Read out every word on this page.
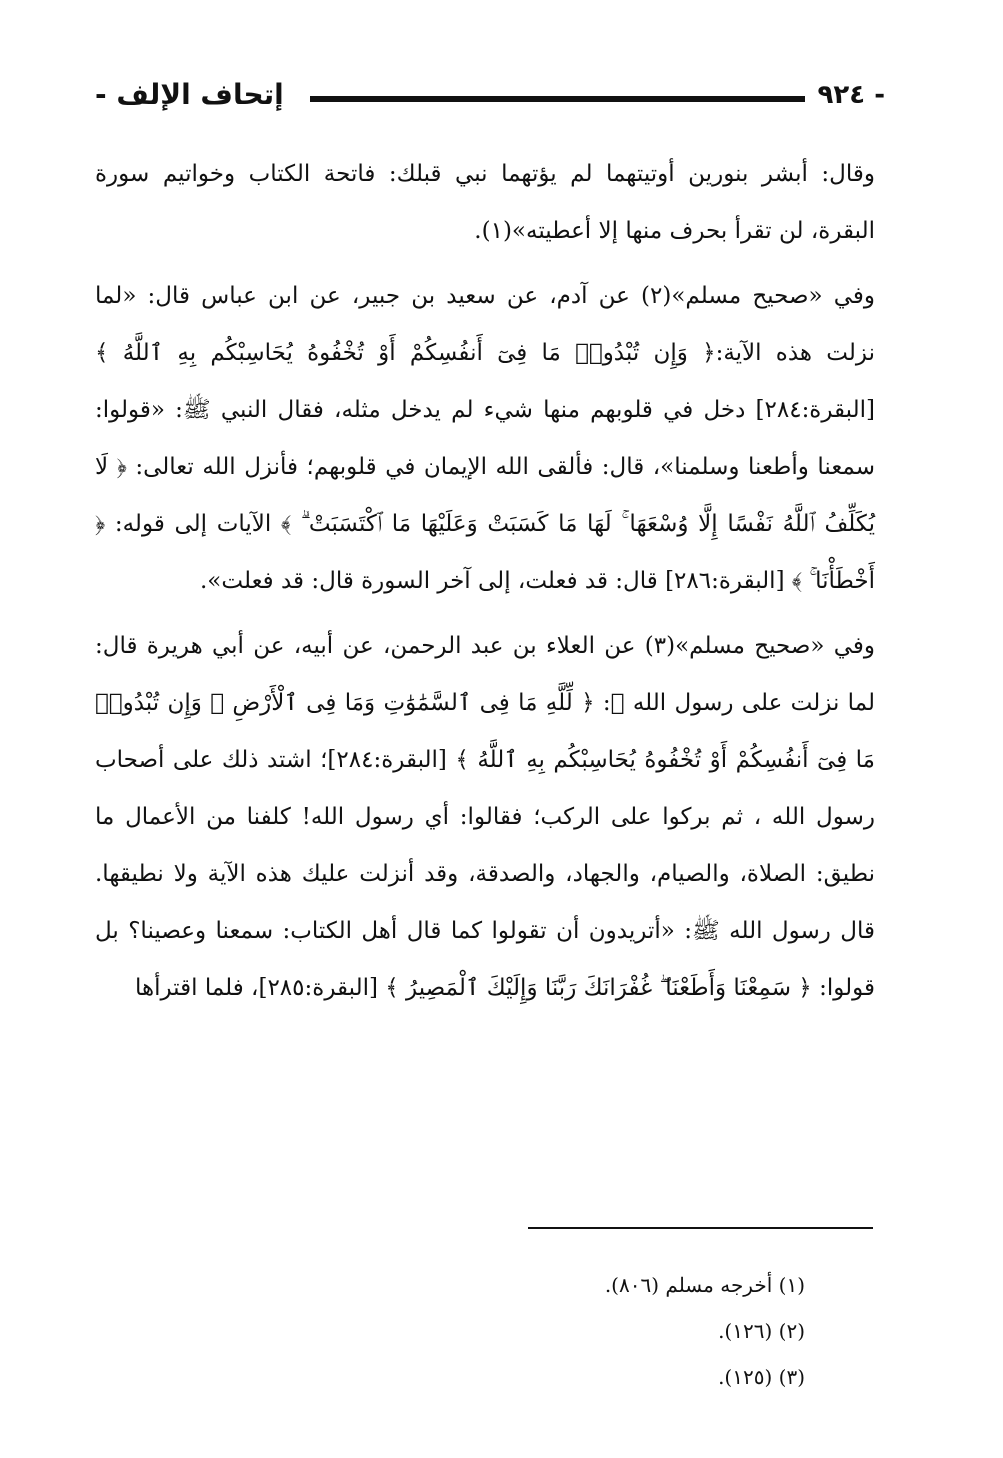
- ٩٢٤
إتحاف الإلف -

وقال: أبشر بنورين أوتيتهما لم يؤتهما نبي قبلك: فاتحة الكتاب وخواتيم سورة البقرة، لن تقرأ بحرف منها إلا أعطيته»(١).

وفي «صحيح مسلم»(٢) عن آدم، عن سعيد بن جبير، عن ابن عباس قال: «لما نزلت هذه الآية:﴿ وَإِن تُبْدُوا۟ مَا فِىٓ أَنفُسِكُمْ أَوْ تُخْفُوهُ يُحَاسِبْكُم بِهِ ٱللَّهُ ﴾ [البقرة:٢٨٤] دخل في قلوبهم منها شيء لم يدخل مثله، فقال النبي ﷺ: «قولوا: سمعنا وأطعنا وسلمنا»، قال: فألقى الله الإيمان في قلوبهم؛ فأنزل الله تعالى: ﴿ لَا يُكَلِّفُ ٱللَّهُ نَفْسًا إِلَّا وُسْعَهَا ۚ لَهَا مَا كَسَبَتْ وَعَلَيْهَا مَا ٱكْتَسَبَتْ ۗ ﴾ الآيات إلى قوله: ﴿ أَخْطَأْنَا ۚ ﴾ [البقرة:٢٨٦] قال: قد فعلت، إلى آخر السورة قال: قد فعلت».

وفي «صحيح مسلم»(٣) عن العلاء بن عبد الرحمن، عن أبيه، عن أبي هريرة قال: لما نزلت على رسول الله ﷺ: ﴿ لِّلَّهِ مَا فِى ٱلسَّمَٰوَٰتِ وَمَا فِى ٱلْأَرْضِ ۗ وَإِن تُبْدُوا۟ مَا فِىٓ أَنفُسِكُمْ أَوْ تُخْفُوهُ يُحَاسِبْكُم بِهِ ٱللَّهُ ﴾ [البقرة:٢٨٤]؛ اشتد ذلك على أصحاب رسول الله ، ثم بركوا على الركب؛ فقالوا: أي رسول الله! كلفنا من الأعمال ما نطيق: الصلاة، والصيام، والجهاد، والصدقة، وقد أنزلت عليك هذه الآية ولا نطيقها. قال رسول الله ﷺ: «أتريدون أن تقولوا كما قال أهل الكتاب: سمعنا وعصينا؟ بل قولوا: ﴿ سَمِعْنَا وَأَطَعْنَا ۖ غُفْرَانَكَ رَبَّنَا وَإِلَيْكَ ٱلْمَصِيرُ ﴾ [البقرة:٢٨٥]، فلما اقترأها

(١) أخرجه مسلم (٨٠٦).
(٢) (١٢٦).
(٣) (١٢٥).
